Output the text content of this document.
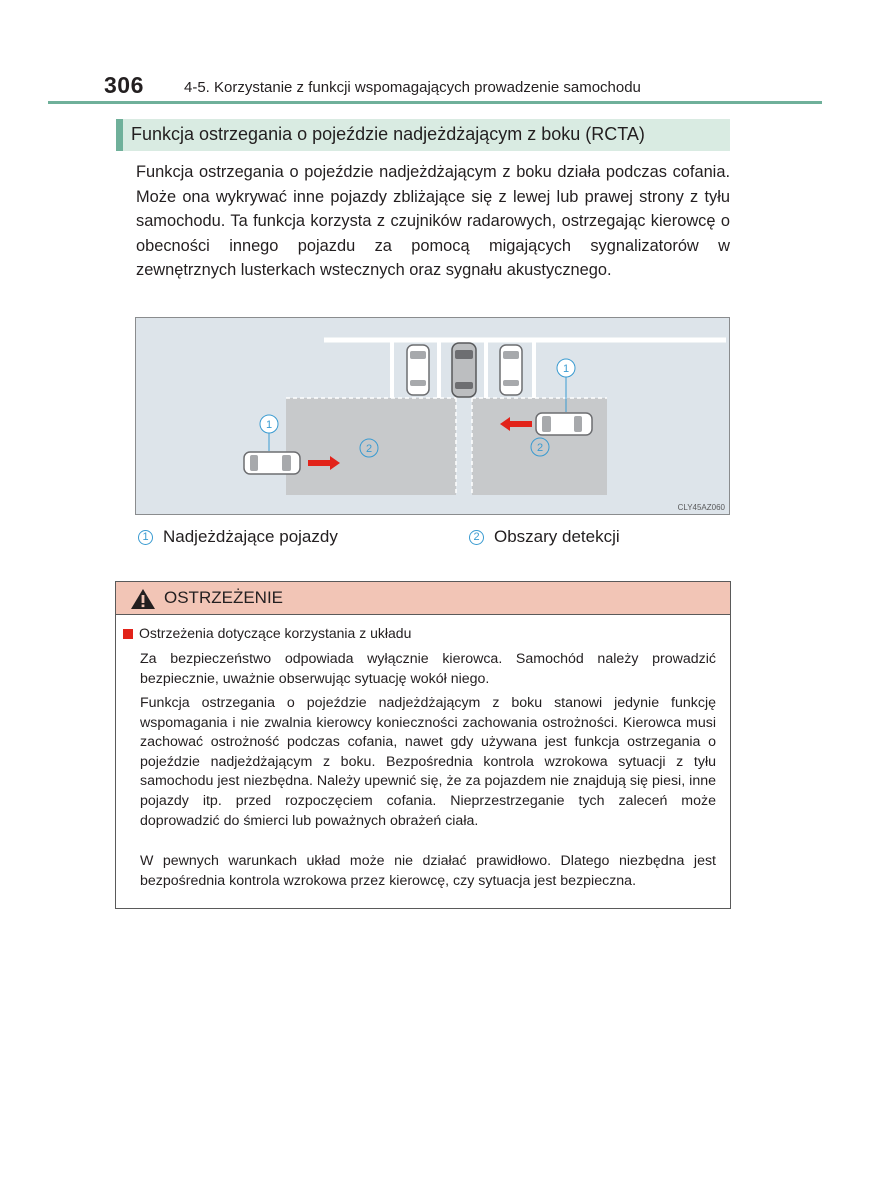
306	4-5. Korzystanie z funkcji wspomagających prowadzenie samochodu
Funkcja ostrzegania o pojeździe nadjeżdżającym z boku (RCTA)

Funkcja ostrzegania o pojeździe nadjeżdżającym z boku działa podczas cofania. Może ona wykrywać inne pojazdy zbliżające się z lewej lub prawej strony z tyłu samochodu. Ta funkcja korzysta z czujników radarowych, ostrzegając kierowcę o obecności innego pojazdu za pomocą migających sygnalizatorów w zewnętrznych lusterkach wstecznych oraz sygnału akustycznego.

1
2
1
2
CLY45AZ060
1 Nadjeżdżające pojazdy	2 Obszary detekcji
OSTRZEŻENIE
Ostrzeżenia dotyczące korzystania z układu

Za bezpieczeństwo odpowiada wyłącznie kierowca. Samochód należy prowadzić bezpiecznie, uważnie obserwując sytuację wokół niego.

Funkcja ostrzegania o pojeździe nadjeżdżającym z boku stanowi jedynie funkcję wspomagania i nie zwalnia kierowcy konieczności zachowania ostrożności. Kierowca musi zachować ostrożność podczas cofania, nawet gdy używana jest funkcja ostrzegania o pojeździe nadjeżdżającym z boku. Bezpośrednia kontrola wzrokowa sytuacji z tyłu samochodu jest niezbędna. Należy upewnić się, że za pojazdem nie znajdują się piesi, inne pojazdy itp. przed rozpoczęciem cofania. Nieprzestrzeganie tych zaleceń może doprowadzić do śmierci lub poważnych obrażeń ciała.

W pewnych warunkach układ może nie działać prawidłowo. Dlatego niezbędna jest bezpośrednia kontrola wzrokowa przez kierowcę, czy sytuacja jest bezpieczna.
